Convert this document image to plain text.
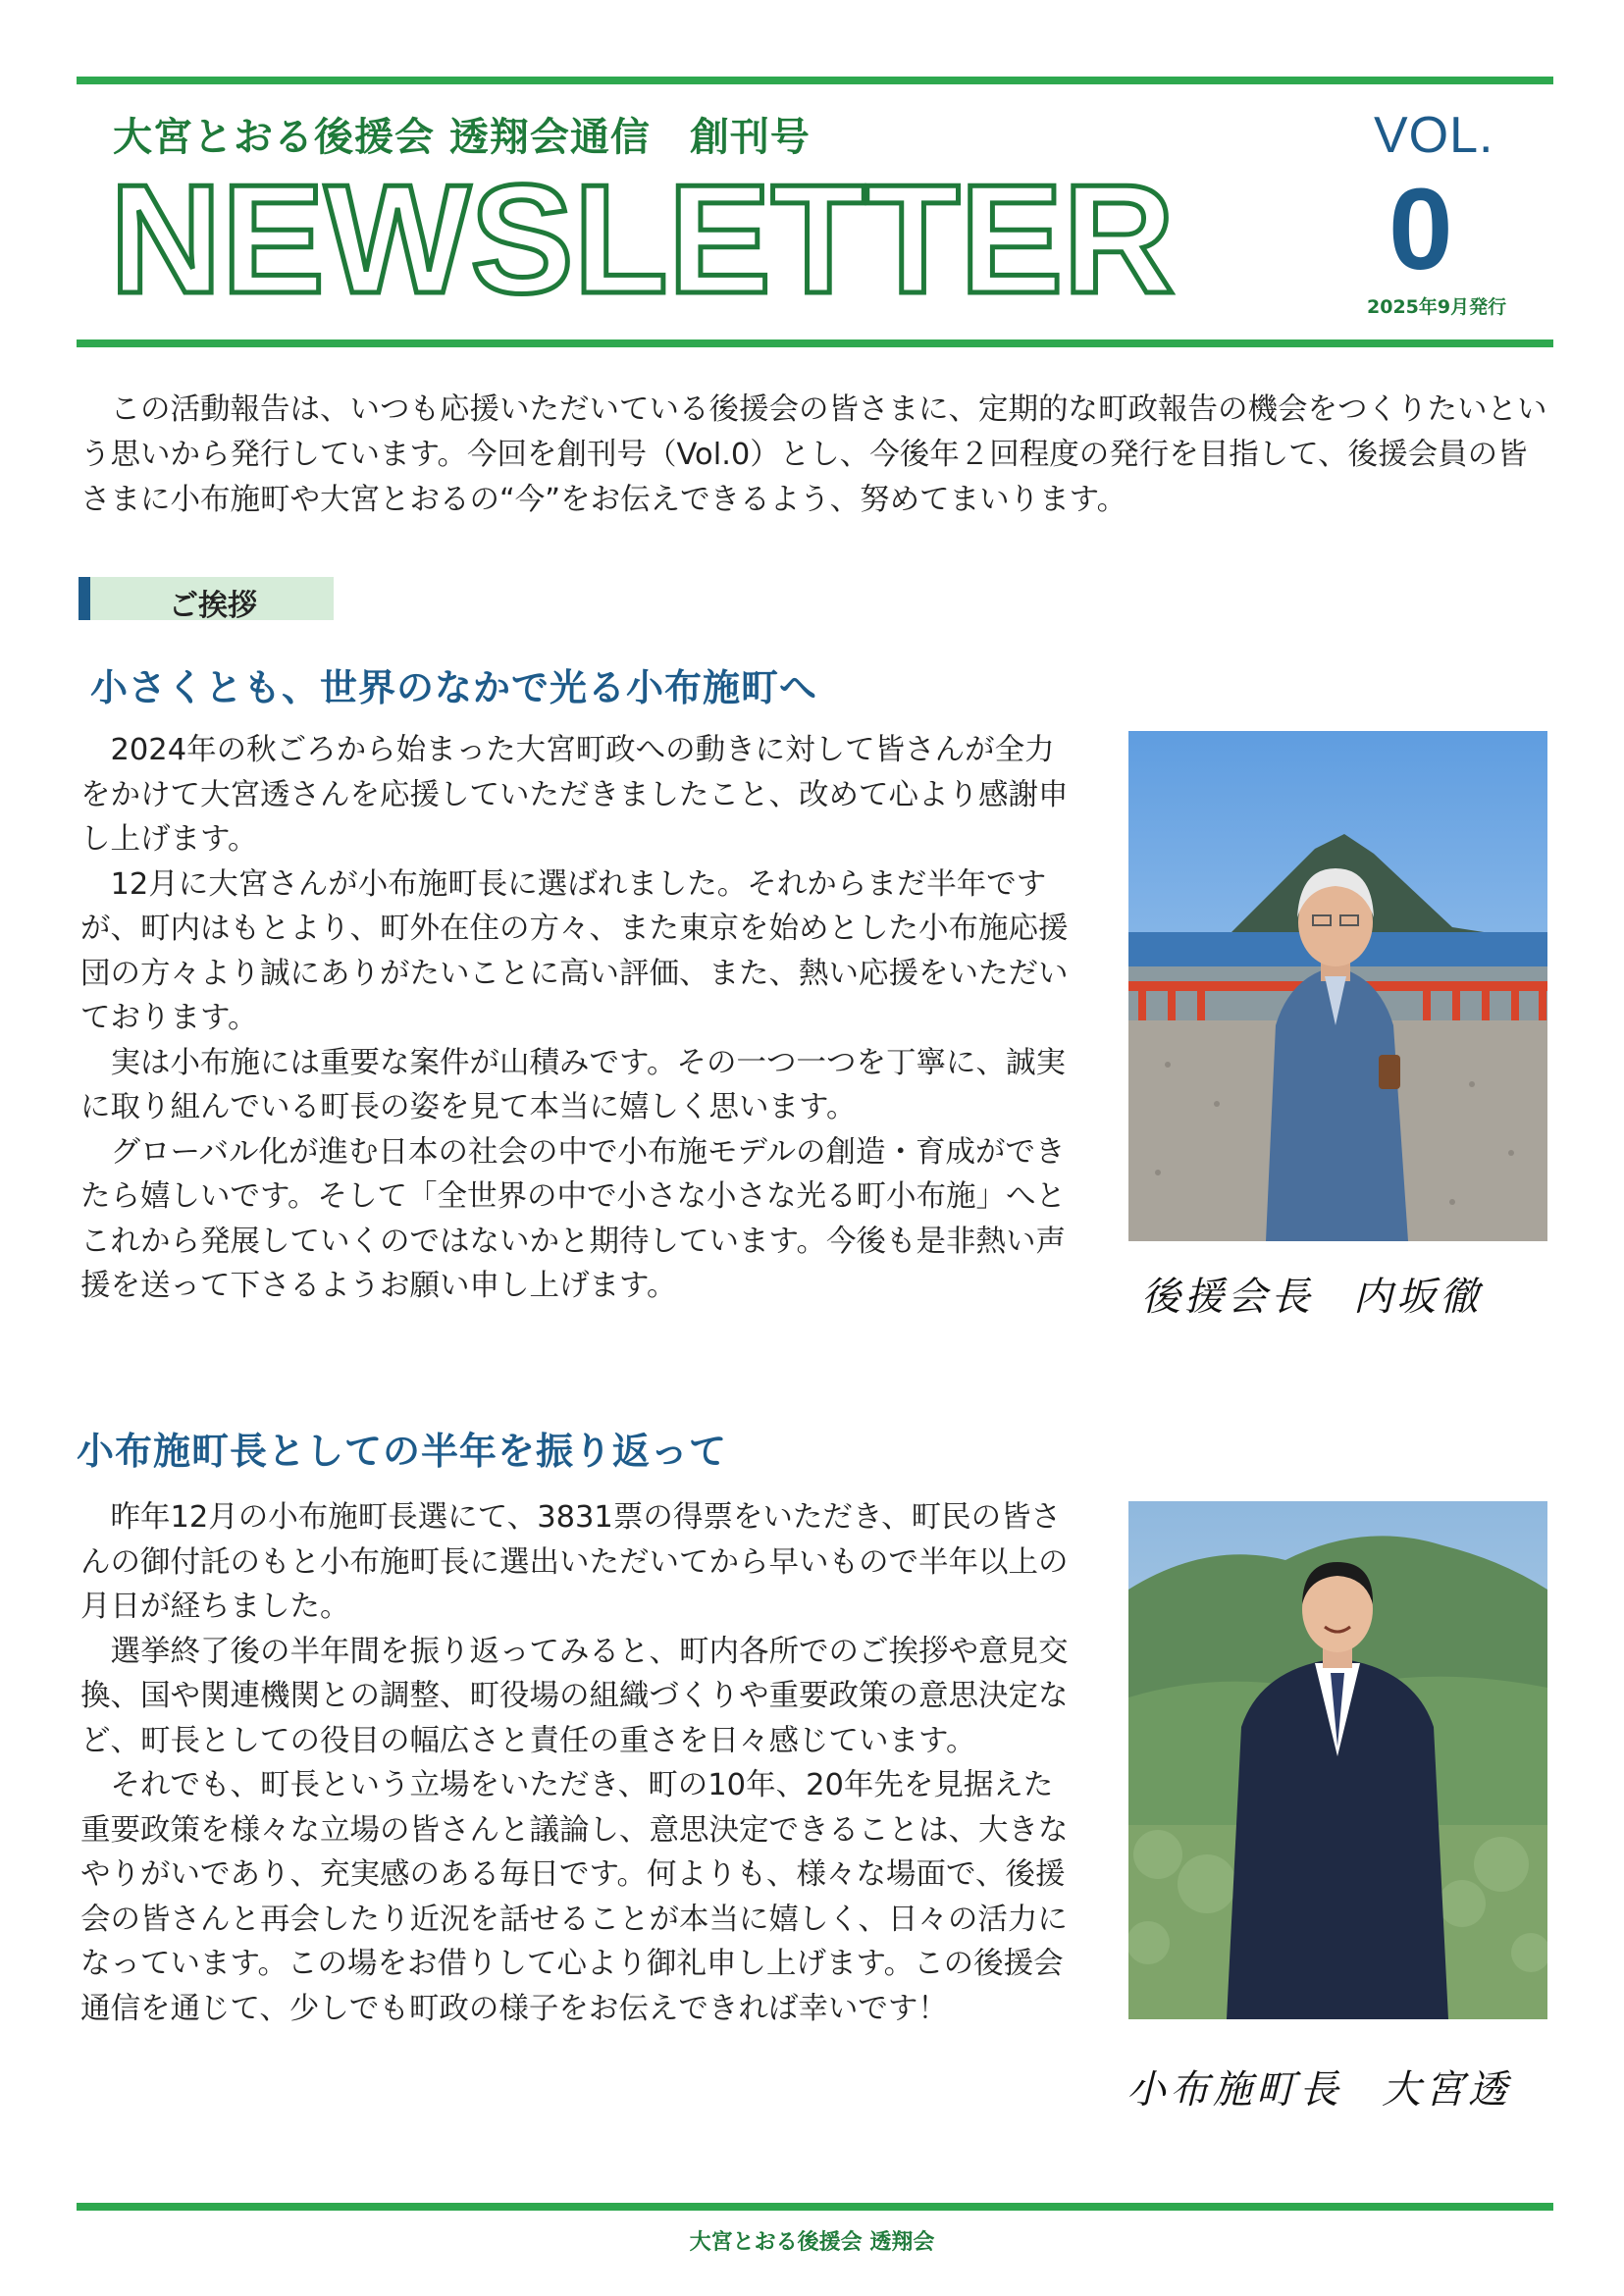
大宮とおる後援会 透翔会通信 創刊号
NEWSLETTER
VOL.
0
2025年9月発行
この活動報告は、いつも応援いただいている後援会の皆さまに、定期的な町政報告の機会をつくりたいという思いから発行しています。今回を創刊号（Vol.0）とし、今後年２回程度の発行を目指して、後援会員の皆さまに小布施町や大宮とおるの“今”をお伝えできるよう、努めてまいります。
ご挨拶
小さくとも、世界のなかで光る小布施町へ

2024年の秋ごろから始まった大宮町政への動きに対して皆さんが全力をかけて大宮透さんを応援していただきましたこと、改めて心より感謝申し上げます。

12月に大宮さんが小布施町長に選ばれました。それからまだ半年ですが、町内はもとより、町外在住の方々、また東京を始めとした小布施応援団の方々より誠にありがたいことに高い評価、また、熱い応援をいただいております。

実は小布施には重要な案件が山積みです。その一つ一つを丁寧に、誠実に取り組んでいる町長の姿を見て本当に嬉しく思います。

グローバル化が進む日本の社会の中で小布施モデルの創造・育成ができたら嬉しいです。そして「全世界の中で小さな小さな光る町小布施」へとこれから発展していくのではないかと期待しています。今後も是非熱い声援を送って下さるようお願い申し上げます。	後援会長 内坂徹
小布施町長としての半年を振り返って

昨年12月の小布施町長選にて、3831票の得票をいただき、町民の皆さんの御付託のもと小布施町長に選出いただいてから早いもので半年以上の月日が経ちました。

選挙終了後の半年間を振り返ってみると、町内各所でのご挨拶や意見交換、国や関連機関との調整、町役場の組織づくりや重要政策の意思決定など、町長としての役目の幅広さと責任の重さを日々感じています。

それでも、町長という立場をいただき、町の10年、20年先を見据えた重要政策を様々な立場の皆さんと議論し、意思決定できることは、大きなやりがいであり、充実感のある毎日です。何よりも、様々な場面で、後援会の皆さんと再会したり近況を話せることが本当に嬉しく、日々の活力になっています。この場をお借りして心より御礼申し上げます。この後援会通信を通じて、少しでも町政の様子をお伝えできれば幸いです！

小布施町長 大宮透
大宮とおる後援会 透翔会
